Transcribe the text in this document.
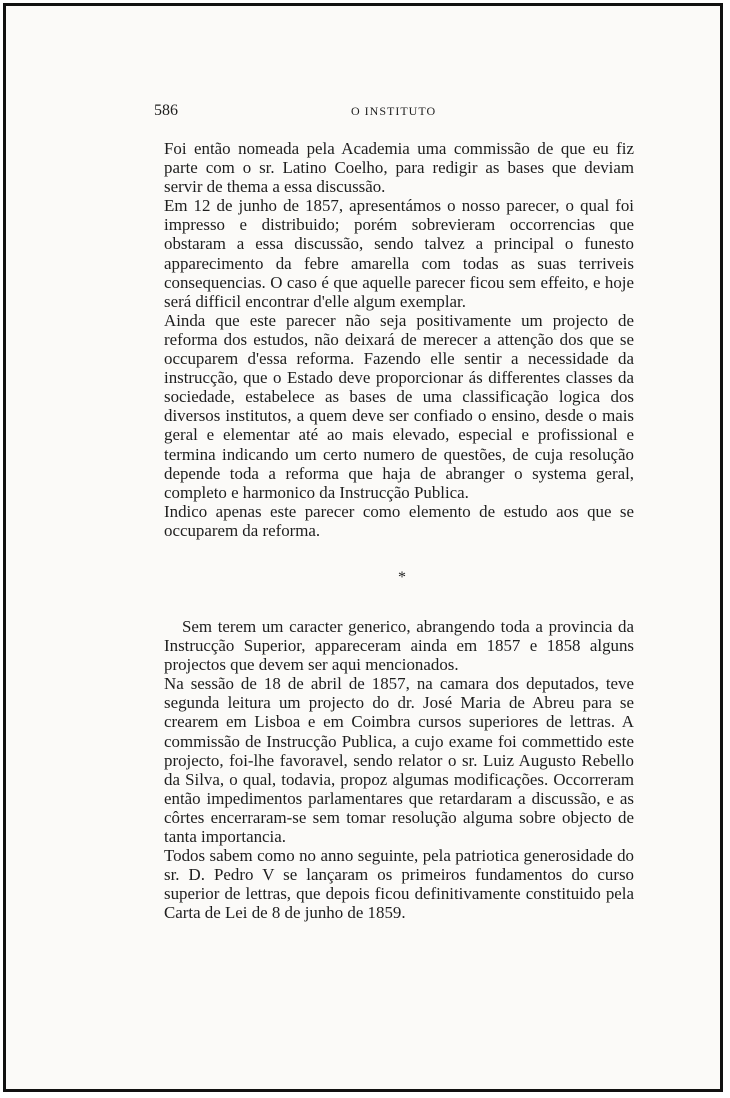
586	O INSTITUTO

Foi então nomeada pela Academia uma commissão de que eu fiz parte com o sr. Latino Coelho, para redigir as bases que deviam servir de thema a essa discussão.

Em 12 de junho de 1857, apresentámos o nosso parecer, o qual foi impresso e distribuido; porém sobrevieram occorrencias que obstaram a essa discussão, sendo talvez a principal o funesto apparecimento da febre amarella com todas as suas terriveis consequencias. O caso é que aquelle parecer ficou sem effeito, e hoje será difficil encontrar d'elle algum exemplar.

Ainda que este parecer não seja positivamente um projecto de reforma dos estudos, não deixará de merecer a attenção dos que se occuparem d'essa reforma. Fazendo elle sentir a necessidade da instrucção, que o Estado deve proporcionar ás differentes classes da sociedade, estabelece as bases de uma classificação logica dos diversos institutos, a quem deve ser confiado o ensino, desde o mais geral e elementar até ao mais elevado, especial e profissional e termina indicando um certo numero de questões, de cuja resolução depende toda a reforma que haja de abranger o systema geral, completo e harmonico da Instrucção Publica.

Indico apenas este parecer como elemento de estudo aos que se occuparem da reforma.

*

Sem terem um caracter generico, abrangendo toda a provincia da Instrucção Superior, appareceram ainda em 1857 e 1858 alguns projectos que devem ser aqui mencionados.

Na sessão de 18 de abril de 1857, na camara dos deputados, teve segunda leitura um projecto do dr. José Maria de Abreu para se crearem em Lisboa e em Coimbra cursos superiores de lettras. A commissão de Instrucção Publica, a cujo exame foi commettido este projecto, foi-lhe favoravel, sendo relator o sr. Luiz Augusto Rebello da Silva, o qual, todavia, propoz algumas modificações. Occorreram então impedimentos parlamentares que retardaram a discussão, e as côrtes encerraram-se sem tomar resolução alguma sobre objecto de tanta importancia.

Todos sabem como no anno seguinte, pela patriotica generosidade do sr. D. Pedro V se lançaram os primeiros fundamentos do curso superior de lettras, que depois ficou definitivamente constituido pela Carta de Lei de 8 de junho de 1859.
